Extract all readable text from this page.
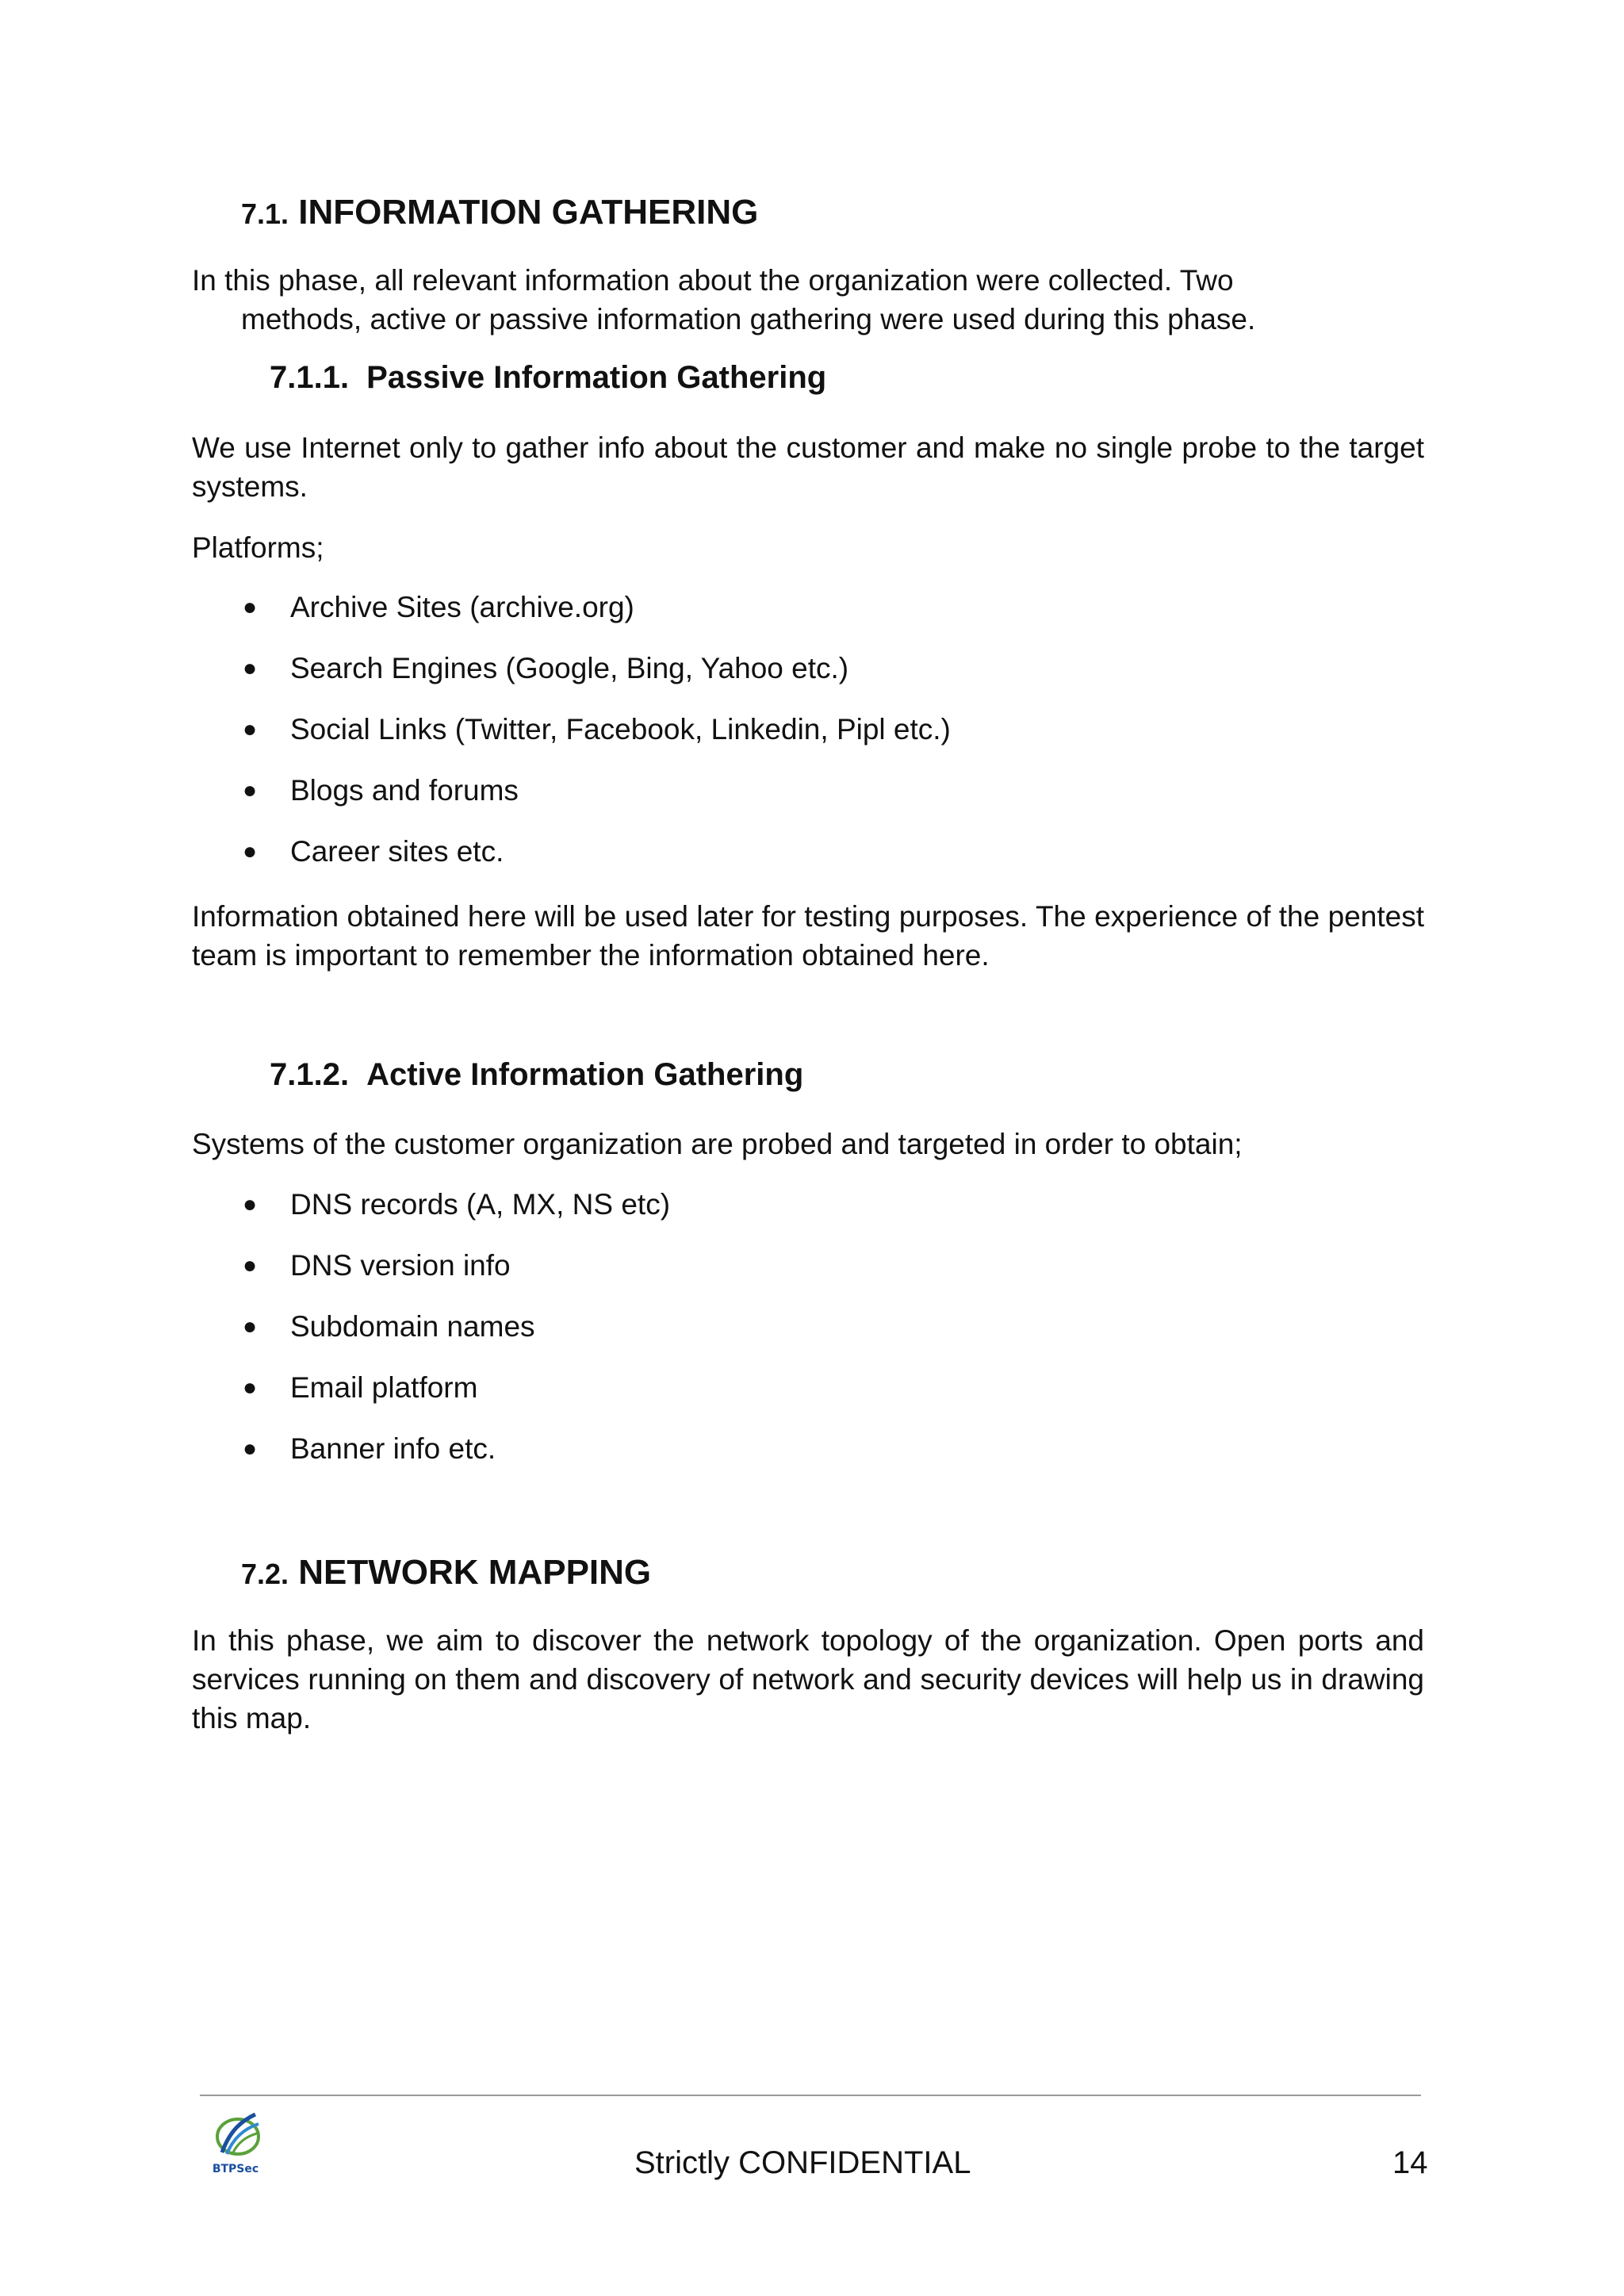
7.1. INFORMATION GATHERING

In this phase, all relevant information about the organization were collected. Two

methods, active or passive information gathering were used during this phase.

7.1.1. Passive Information Gathering

We use Internet only to gather info about the customer and make no single probe to the target systems.

Platforms;

● Archive Sites (archive.org)
● Search Engines (Google, Bing, Yahoo etc.)
● Social Links (Twitter, Facebook, Linkedin, Pipl etc.)
● Blogs and forums
● Career sites etc.

Information obtained here will be used later for testing purposes. The experience of the pentest team is important to remember the information obtained here.

7.1.2. Active Information Gathering

Systems of the customer organization are probed and targeted in order to obtain;

● DNS records (A, MX, NS etc)
● DNS version info
● Subdomain names
● Email platform
● Banner info etc.
7.2. NETWORK MAPPING

In this phase, we aim to discover the network topology of the organization. Open ports and services running on them and discovery of network and security devices will help us in drawing this map.

BTPSec	Strictly CONFIDENTIAL	14
